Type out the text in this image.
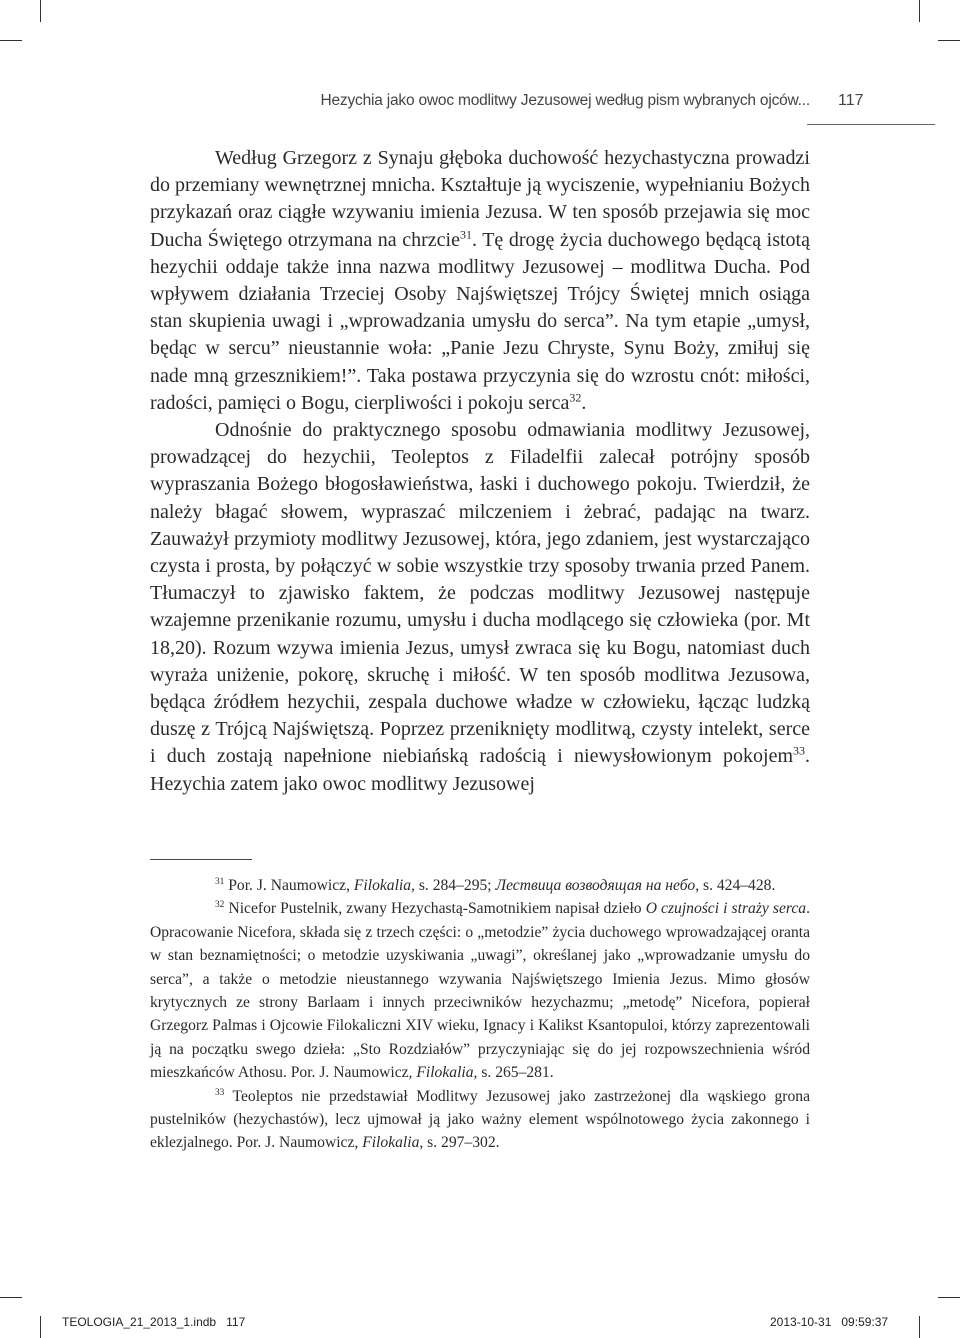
Hezychia jako owoc modlitwy Jezusowej według pism wybranych ojców... 117

Według Grzegorz z Synaju głęboka duchowość hezychastyczna prowadzi do przemiany wewnętrznej mnicha. Kształtuje ją wyciszenie, wypełnianiu Bożych przykazań oraz ciągłe wzywaniu imienia Jezusa. W ten sposób przejawia się moc Ducha Świętego otrzymana na chrzcie$^{31}$. Tę drogę życia duchowego będącą istotą hezychii oddaje także inna nazwa modlitwy Jezusowej – modlitwa Ducha. Pod wpływem działania Trzeciej Osoby Najświętszej Trójcy Świętej mnich osiąga stan skupienia uwagi i „wprowadzania umysłu do serca”. Na tym etapie „umysł, będąc w sercu” nieustannie woła: „Panie Jezu Chryste, Synu Boży, zmiłuj się nade mną grzesznikiem!”. Taka postawa przyczynia się do wzrostu cnót: miłości, radości, pamięci o Bogu, cierpliwości i pokoju serca$^{32}$.

Odnośnie do praktycznego sposobu odmawiania modlitwy Jezusowej, prowadzącej do hezychii, Teoleptos z Filadelfii zalecał potrójny sposób wypraszania Bożego błogosławieństwa, łaski i duchowego pokoju. Twierdził, że należy błagać słowem, wypraszać milczeniem i żebrać, padając na twarz. Zauważył przymioty modlitwy Jezusowej, która, jego zdaniem, jest wystarczająco czysta i prosta, by połączyć w sobie wszystkie trzy sposoby trwania przed Panem. Tłumaczył to zjawisko faktem, że podczas modlitwy Jezusowej następuje wzajemne przenikanie rozumu, umysłu i ducha modlącego się człowieka (por. Mt 18,20). Rozum wzywa imienia Jezus, umysł zwraca się ku Bogu, natomiast duch wyraża uniżenie, pokorę, skruchę i miłość. W ten sposób modlitwa Jezusowa, będąca źródłem hezychii, zespala duchowe władze w człowieku, łącząc ludzką duszę z Trójcą Najświętszą. Poprzez przeniknięty modlitwą, czysty intelekt, serce i duch zostają napełnione niebiańską radością i niewysłowionym pokojem$^{33}$. Hezychia zatem jako owoc modlitwy Jezusowej

$^{31}$ Por. J. Naumowicz, Filokalia, s. 284–295; Лествица возводящая на небо, s. 424–428.

$^{32}$ Nicefor Pustelnik, zwany Hezychastą-Samotnikiem napisał dzieło O czujności i straży serca. Opracowanie Nicefora, składa się z trzech części: o „metodzie” życia duchowego wprowadzającej oranta w stan beznamiętności; o metodzie uzyskiwania „uwagi”, określanej jako „wprowadzanie umysłu do serca”, a także o metodzie nieustannego wzywania Najświętszego Imienia Jezus. Mimo głosów krytycznych ze strony Barlaam i innych przeciwników hezychazmu; „metodę” Nicefora, popierał Grzegorz Palmas i Ojcowie Filokaliczni XIV wieku, Ignacy i Kalikst Ksantopuloi, którzy zaprezentowali ją na początku swego dzieła: „Sto Rozdziałów” przyczyniając się do jej rozpowszechnienia wśród mieszkańców Athosu. Por. J. Naumowicz, Filokalia, s. 265–281.

$^{33}$ Teoleptos nie przedstawiał Modlitwy Jezusowej jako zastrzeżonej dla wąskiego grona pustelników (hezychastów), lecz ujmował ją jako ważny element wspólnotowego życia zakonnego i eklezjalnego. Por. J. Naumowicz, Filokalia, s. 297–302.

TEOLOGIA_21_2013_1.indb   117	2013-10-31   09:59:37
